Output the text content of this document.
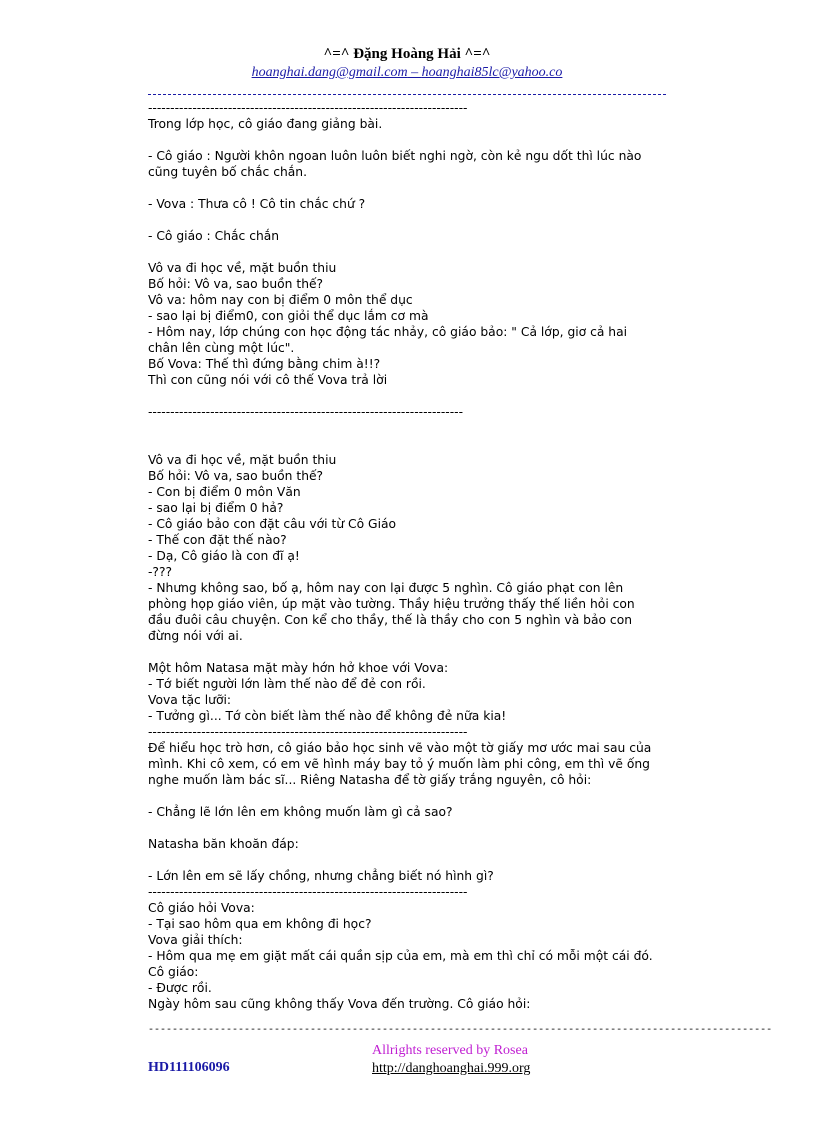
^=^ Đặng Hoàng Hải ^=^
hoanghai.dang@gmail.com – hoanghai85lc@yahoo.co
------------------------------------------------------------------------
Trong lớp học, cô giáo đang giảng bài.
- Cô giáo : Người khôn ngoan luôn luôn biết nghi ngờ, còn kẻ ngu dốt thì lúc nào
cũng tuyên bố chắc chắn.
- Vova : Thưa cô ! Cô tin chắc chứ ?
- Cô giáo : Chắc chắn
Vô va đi học về, mặt buồn thiu
Bố hỏi: Vô va, sao buồn thế?
Vô va: hôm nay con bị điểm 0 môn thể dục
- sao lại bị điểm0, con giỏi thể dục lắm cơ mà
- Hôm nay, lớp chúng con học động tác nhảy, cô giáo bảo: " Cả lớp, giơ cả hai
chân lên cùng một lúc".
Bố Vova: Thế thì đứng bằng chim à!!?
Thì con cũng nói với cô thế Vova trả lời
-----------------------------------------------------------------------
Vô va đi học về, mặt buồn thiu
Bố hỏi: Vô va, sao buồn thế?
- Con bị điểm 0 môn Văn
- sao lại bị điểm 0 hả?
- Cô giáo bảo con đặt câu với từ Cô Giáo
- Thế con đặt thế nào?
- Dạ, Cô giáo là con đĩ ạ!
-???
- Nhưng không sao, bố ạ, hôm nay con lại được 5 nghìn. Cô giáo phạt con lên
phòng họp giáo viên, úp mặt vào tường. Thầy hiệu trưởng thấy thế liền hỏi con
đầu đuôi câu chuyện. Con kể cho thầy, thế là thầy cho con 5 nghìn và bảo con
đừng nói với ai.
Một hôm Natasa mặt mày hớn hở khoe với Vova:
- Tớ biết người lớn làm thế nào để đẻ con rồi.
Vova tặc lưỡi:
- Tưởng gì... Tớ còn biết làm thế nào để không đẻ nữa kia!
------------------------------------------------------------------------
Để hiểu học trò hơn, cô giáo bảo học sinh vẽ vào một tờ giấy mơ ước mai sau của
mình. Khi cô xem, có em vẽ hình máy bay tỏ ý muốn làm phi công, em thì vẽ ống
nghe muốn làm bác sĩ... Riêng Natasha để tờ giấy trắng nguyên, cô hỏi:
- Chẳng lẽ lớn lên em không muốn làm gì cả sao?
Natasha băn khoăn đáp:
- Lớn lên em sẽ lấy chồng, nhưng chẳng biết nó hình gì?
------------------------------------------------------------------------
Cô giáo hỏi Vova:
- Tại sao hôm qua em không đi học?
Vova giải thích:
- Hôm qua mẹ em giặt mất cái quần sịp của em, mà em thì chỉ có mỗi một cái đó.
Cô giáo:
- Được rồi.
Ngày hôm sau cũng không thấy Vova đến trường. Cô giáo hỏi:
--------------------------------------------------------------------------------------------------------
HD111106096
Allrights reserved by Rosea
http://danghoanghai.999.org
